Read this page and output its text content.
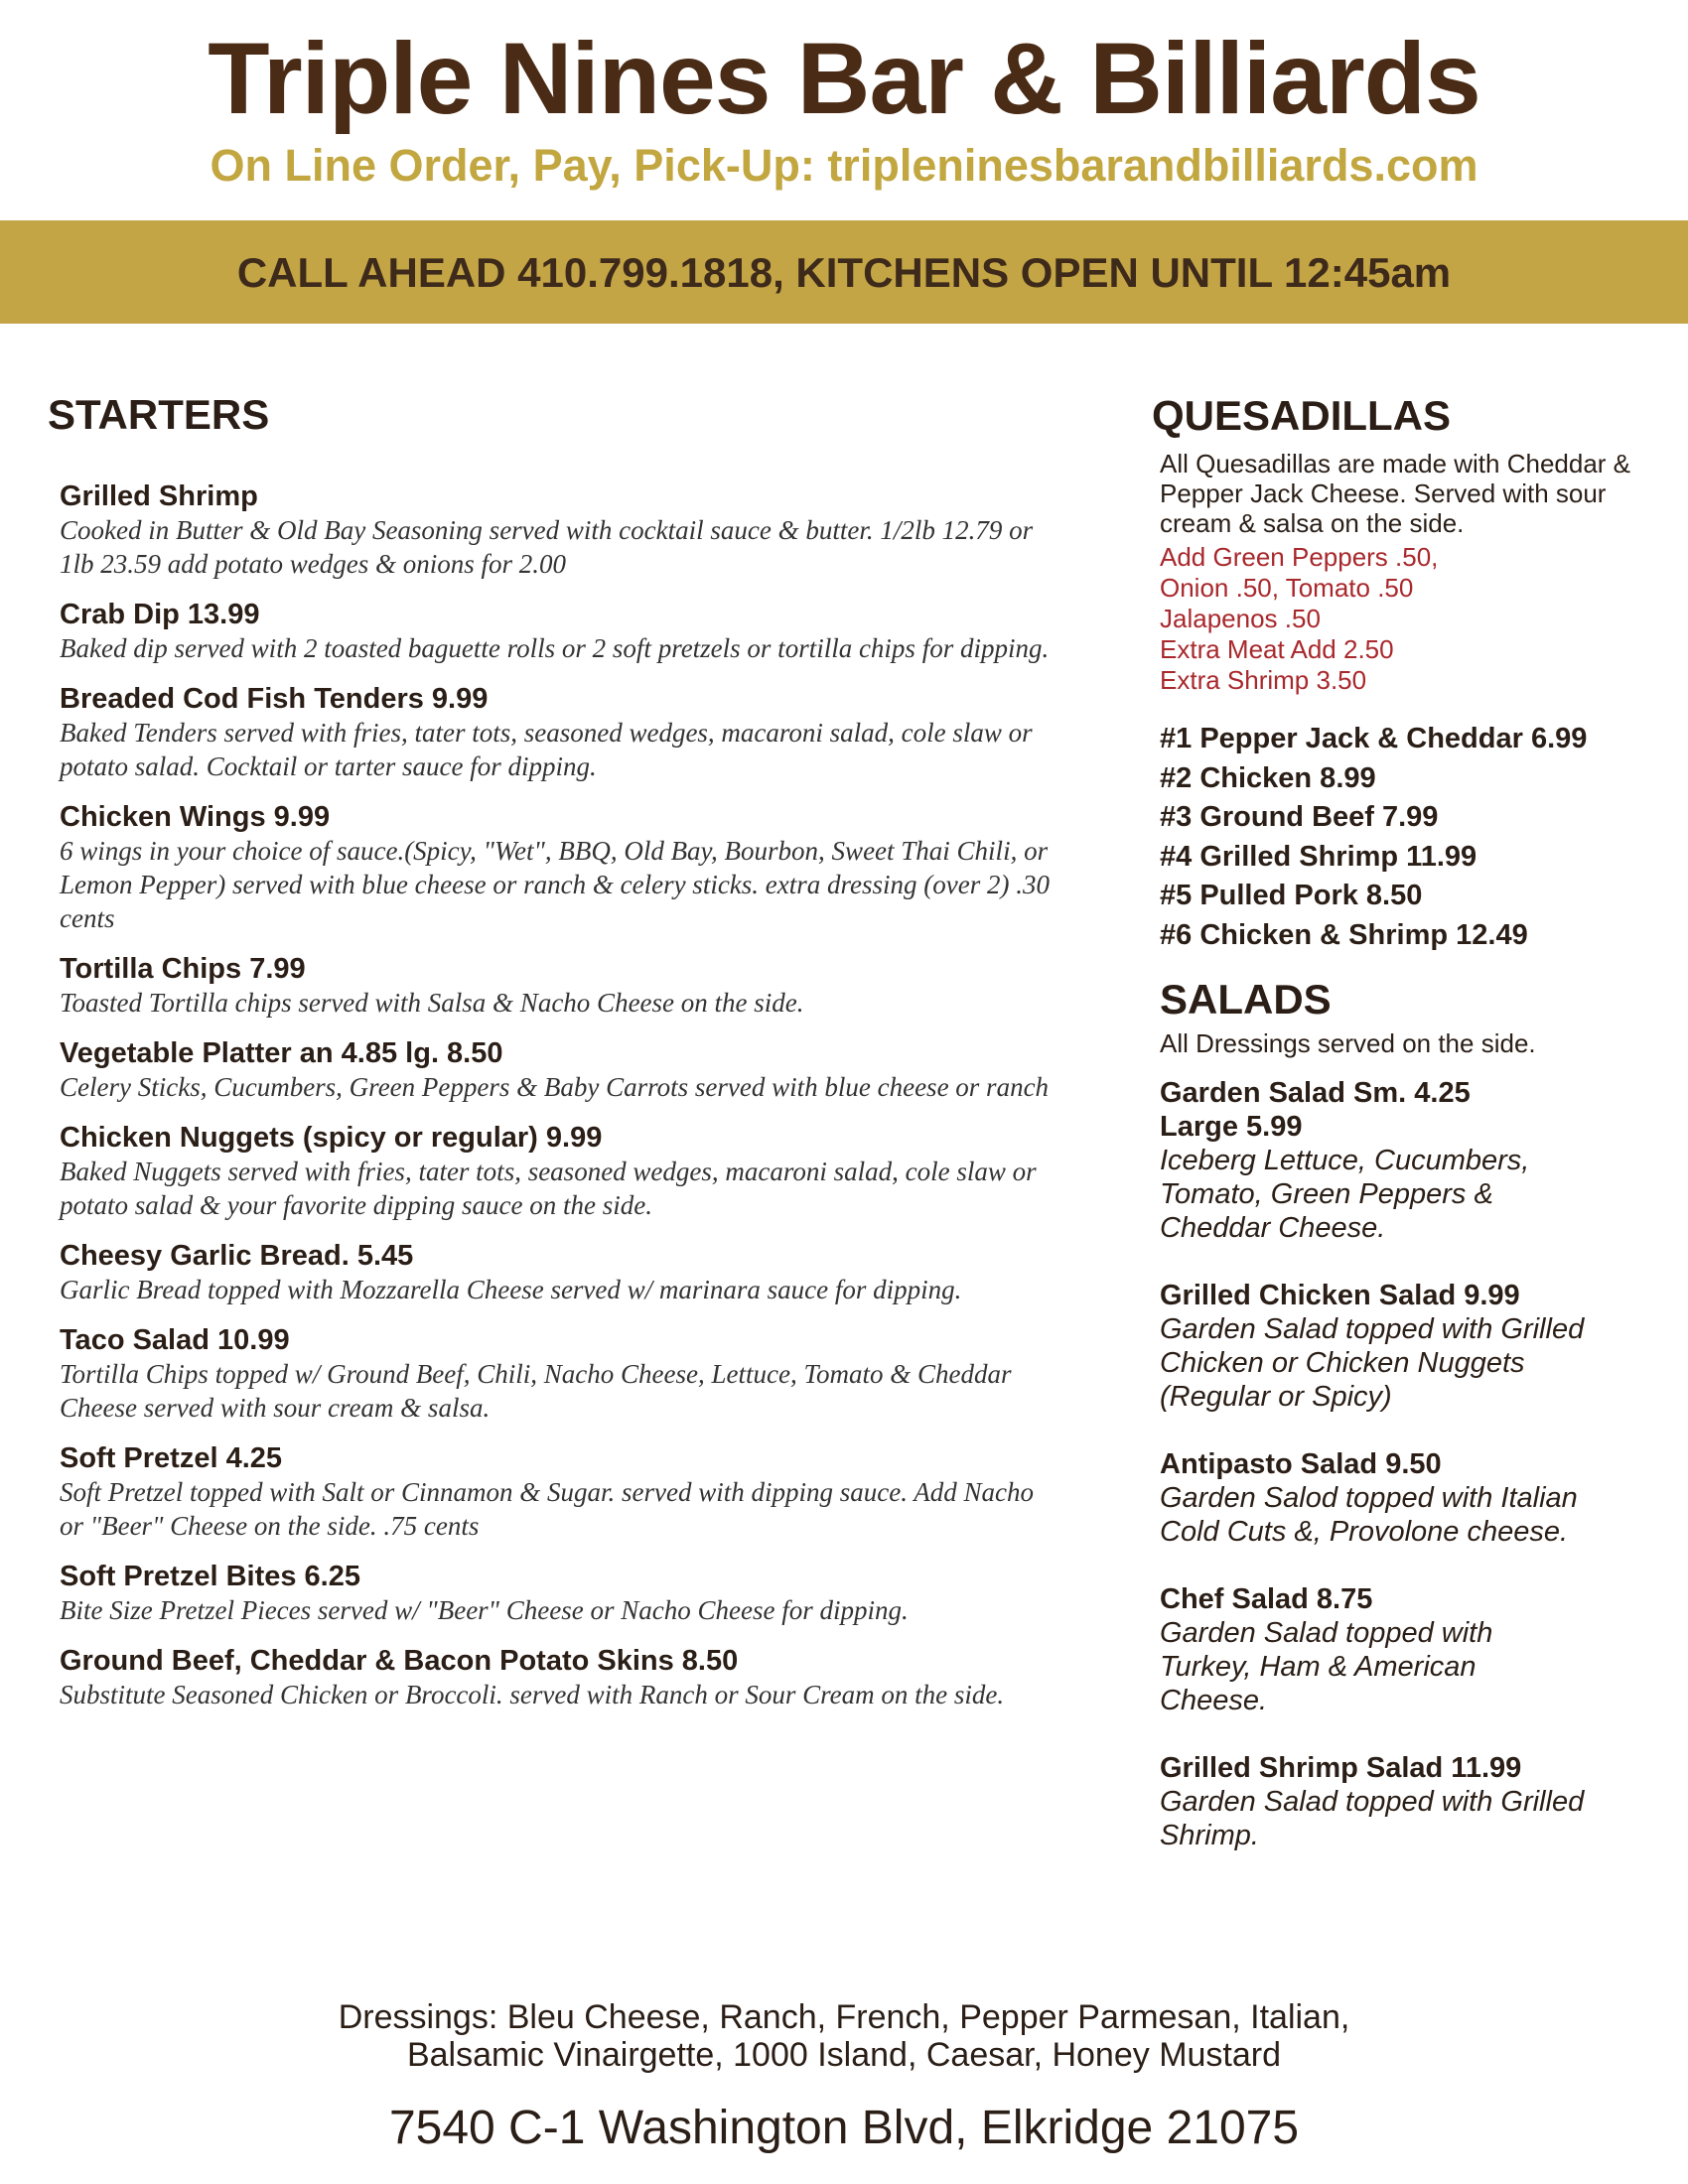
Triple Nines Bar & Billiards
On Line Order, Pay, Pick-Up: tripleninesbarandbilliards.com
CALL AHEAD 410.799.1818, KITCHENS OPEN UNTIL 12:45am
STARTERS
Grilled Shrimp
Cooked in Butter & Old Bay Seasoning served with cocktail sauce & butter. 1/2lb 12.79 or 1lb 23.59 add potato wedges & onions for 2.00
Crab Dip 13.99
Baked dip served with 2 toasted baguette rolls or 2 soft pretzels or tortilla chips for dipping.
Breaded Cod Fish Tenders 9.99
Baked Tenders served with fries, tater tots, seasoned wedges, macaroni salad, cole slaw or potato salad. Cocktail or tarter sauce for dipping.
Chicken Wings 9.99
6 wings in your choice of sauce.(Spicy, "Wet", BBQ, Old Bay, Bourbon, Sweet Thai Chili, or Lemon Pepper) served with blue cheese or ranch & celery sticks. extra dressing (over 2) .30 cents
Tortilla Chips 7.99
Toasted Tortilla chips served with Salsa & Nacho Cheese on the side.
Vegetable Platter an 4.85 lg. 8.50
Celery Sticks, Cucumbers, Green Peppers & Baby Carrots served with blue cheese or ranch
Chicken Nuggets (spicy or regular) 9.99
Baked Nuggets served with fries, tater tots, seasoned wedges, macaroni salad, cole slaw or potato salad & your favorite dipping sauce on the side.
Cheesy Garlic Bread. 5.45
Garlic Bread topped with Mozzarella Cheese served w/ marinara sauce for dipping.
Taco Salad 10.99
Tortilla Chips topped w/ Ground Beef, Chili, Nacho Cheese, Lettuce, Tomato & Cheddar Cheese served with sour cream & salsa.
Soft Pretzel 4.25
Soft Pretzel topped with Salt or Cinnamon & Sugar. served with dipping sauce. Add Nacho or "Beer" Cheese on the side. .75 cents
Soft Pretzel Bites 6.25
Bite Size Pretzel Pieces served w/ "Beer" Cheese or Nacho Cheese for dipping.
Ground Beef, Cheddar & Bacon Potato Skins 8.50
Substitute Seasoned Chicken or Broccoli. served with Ranch or Sour Cream on the side.
QUESADILLAS
All Quesadillas are made with Cheddar & Pepper Jack Cheese. Served with sour cream & salsa on the side.
Add Green Peppers .50,
Onion .50, Tomato .50
Jalapenos .50
Extra Meat Add 2.50
Extra Shrimp 3.50
#1 Pepper Jack & Cheddar 6.99
#2 Chicken 8.99
#3 Ground Beef 7.99
#4 Grilled Shrimp 11.99
#5 Pulled Pork 8.50
#6 Chicken & Shrimp 12.49
SALADS
All Dressings served on the side.
Garden Salad Sm. 4.25
Large 5.99
Iceberg Lettuce, Cucumbers, Tomato, Green Peppers & Cheddar Cheese.
Grilled Chicken Salad 9.99
Garden Salad topped with Grilled Chicken or Chicken Nuggets (Regular or Spicy)
Antipasto Salad 9.50
Garden Salod topped with Italian Cold Cuts &, Provolone cheese.
Chef Salad 8.75
Garden Salad topped with Turkey, Ham & American Cheese.
Grilled Shrimp Salad 11.99
Garden Salad topped with Grilled Shrimp.
Dressings: Bleu Cheese, Ranch, French, Pepper Parmesan, Italian,
Balsamic Vinairgette, 1000 Island, Caesar, Honey Mustard
7540 C-1 Washington Blvd, Elkridge 21075
